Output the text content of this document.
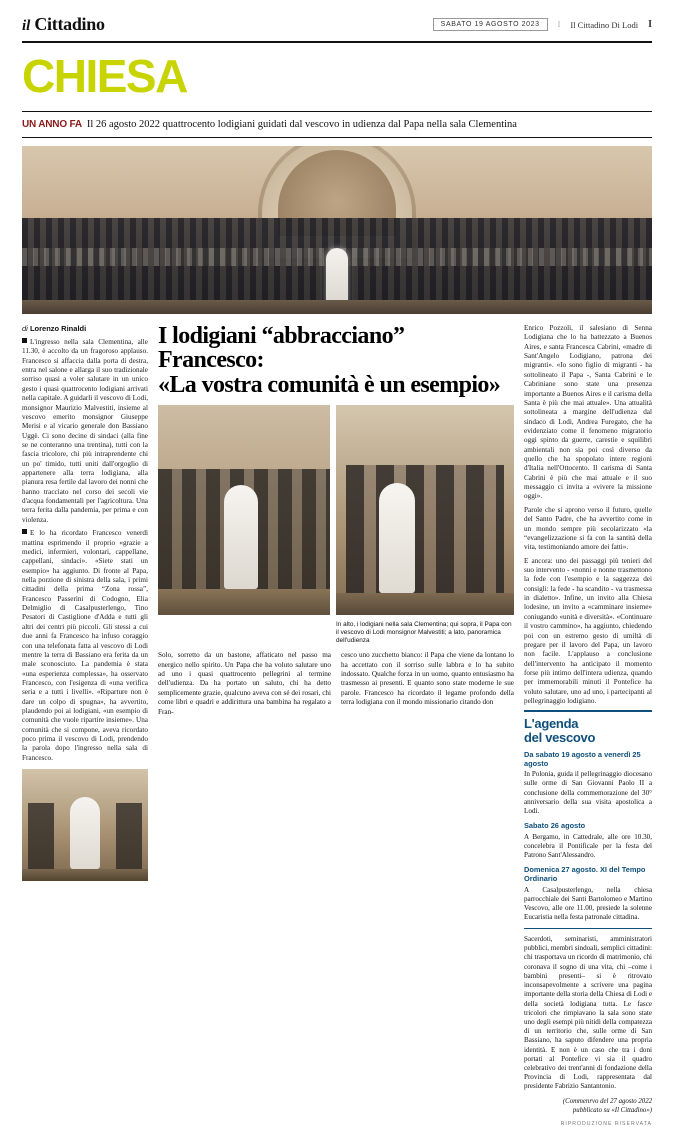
il Cittadino	SABATO 19 AGOSTO 2023	I Il Cittadino Di Lodi I
CHIESA
UN ANNO FA Il 26 agosto 2022 quattrocento lodigiani guidati dal vescovo in udienza dal Papa nella sala Clementina
di Lorenzo Rinaldi

L'ingresso nella sala Clementina, alle 11.30, è accolto da un fragoroso applauso. Francesco si affaccia dalla porta di destra, entra nel salone e allarga il suo tradizionale sorriso quasi a voler salutare in un unico gesto i quasi quattrocento lodigiani arrivati nella capitale. A guidarli il vescovo di Lodi, monsignor Maurizio Malvestiti, insieme al vescovo emerito monsignor Giuseppe Merisi e al vicario generale don Bassiano Uggè. Ci sono decine di sindaci (alla fine se ne conteranno una trentina), tutti con la fascia tricolore, chi più intraprendente chi un po' timido, tutti uniti dall'orgoglio di appartenere alla terra lodigiana, alla pianura resa fertile dal lavoro dei nonni che hanno tracciato nel corso dei secoli vie d'acqua fondamentali per l'agricoltura. Una terra ferita dalla pandemia, per prima e con violenza.

E lo ha ricordato Francesco venerdì mattina esprimendo il proprio «grazie a medici, infermieri, volontari, cappellane, cappellani, sindaci». «Siete stati un esempio» ha aggiunto. Di fronte al Papa, nella porzione di sinistra della sala, i primi cittadini della prima “Zona rossa”, Francesco Passerini di Codogno, Elia Delmiglio di Casalpusterlengo, Tino Pesatori di Castiglione d'Adda e tutti gli altri dei centri più piccoli. Gli stessi a cui due anni fa Francesco ha infuso coraggio con una telefonata fatta al vescovo di Lodi mentre la terra di Bassiano era ferita da un male sconosciuto. La pandemia è stata «una esperienza complessa», ha osservato Francesco, con l'esigenza di «una verifica seria e a tutti i livelli». «Riparture non è dare un colpo di spugna», ha avvertito, plaudendo poi ai lodigiani, «un esempio di comunità che vuole ripartire insieme». Una comunità che si compone, aveva ricordato poco prima il vescovo di Lodi, prendendo la parola dopo l'ingresso nella sala di Francesco.

I lodigiani “abbracciano” Francesco:
«La vostra comunità è un esempio»
In alto, i lodigiani nella sala Clementina; qui sopra, il Papa con il vescovo di Lodi monsignor Malvestiti; a lato, panoramica dell'udienza

Solo, sorretto da un bastone, affaticato nel passo ma energico nello spirito. Un Papa che ha voluto salutare uno ad uno i quasi quattrocento pellegrini al termine dell'udienza. Da ha portato un saluto, chi ha detto semplicemente grazie, qualcuno aveva con sé dei rosari, chi come libri e quadri e addirittura una bambina ha regalato a Fran-

cesco uno zucchetto bianco: il Papa che viene da lontano lo ha accettato con il sorriso sulle labbra e lo ha subito indossato. Qualche forza in un uomo, quanto entusiasmo ha trasmesso ai presenti. E quanto sono state moderne le sue parole. Francesco ha ricordato il legame profondo della terra lodigiana con il mondo missionario citando don

Enrico Pozzoli, il salesiano di Senna Lodigiana che lo ha battezzato a Buenos Aires, e santa Francesca Cabrini, «madre di Sant'Angelo Lodigiano, patrona dei migranti». «Io sono figlio di migranti - ha sottolineato il Papa -, Santa Cabrini e le Cabriniane sono state una presenza importante a Buenos Aires e il carisma della Santa è più che mai attuale». Una attualità sottolineata a margine dell'udienza dal sindaco di Lodi, Andrea Furegato, che ha evidenziato come il fenomeno migratorio oggi spinto da guerre, carestie e squilibri ambientali non sia poi così diverso da quello che ha spopolato intere regioni d'Italia nell'Ottocento. Il carisma di Santa Cabrini è più che mai attuale e il suo messaggio ci invita a «vivere la missione oggi».

Parole che si aprono verso il futuro, quelle del Santo Padre, che ha avvertito come in un mondo sempre più secolarizzato «la “evangelizzazione si fa con la santità della vita, testimoniando amore dei fatti».

E ancora: uno dei passaggi più tenieri del suo intervento - «nonni e nonne trasmettono la fede con l'esempio e la saggezza dei consigli: la fede - ha scandito - va trasmessa in dialetto». Infine, un invito alla Chiesa lodesine, un invito a «camminare insieme» coniugando «unità e diversità». «Continuare il vostro cammino», ha aggiunto, chiedendo poi con un estremo gesto di umiltà di pregare per il lavoro del Papa, un lavoro non facile. L'applauso a conclusione dell'intervento ha anticipato il momento forse più intimo dell'intera udienza, quando per immemorabili minuti il Pontefice ha voluto salutare, uno ad uno, i partecipanti al pellegrinaggio lodigiano.

L'agenda
del vescovo
Da sabato 19 agosto a venerdì 25 agosto
In Polonia, guida il pellegrinaggio diocesano sulle orme di San Giovanni Paolo II a conclusione della commemorazione del 30° anniversario della sua visita apostolica a Lodi.
Sabato 26 agosto
A Bergamo, in Cattedrale, alle ore 10.30, concelebra il Pontificale per la festa del Patrono Sant'Alessandro.
Domenica 27 agosto. XI del Tempo Ordinario
A Casalpusterlengo, nella chiesa parrocchiale dei Santi Bartolomeo e Martino Vescovo, alle ore 11.00, presiede la solenne Eucaristia nella festa patronale cittadina.

Sacerdoti, seminaristi, amministratori pubblici, membri sindoali, semplici cittadini: chi trasportava un ricordo di matrimonio, chi coronava il sogno di una vita, chi –come i bambini presenti– si è ritrovato inconsapevolmente a scrivere una pagina importante della storia della Chiesa di Lodi e della società lodigiana tutta. Le fasce tricolori che rimpiavano la sala sono state uno degli esempi più nitidi della compatezza di un territorio che, sulle orme di San Bassiano, ha saputo difendere una propria identità. E non è un caso che tra i doni portati al Pontefice vi sia il quadro celebrativo dei trent'anni di fondazione della Provincia di Lodi, rappresentata dal presidente Fabrizio Santantonio.

(Commenrvo del 27 agosto 2022
pubblicato su «Il Cittadino»)
RIPRODUZIONE RISERVATA
